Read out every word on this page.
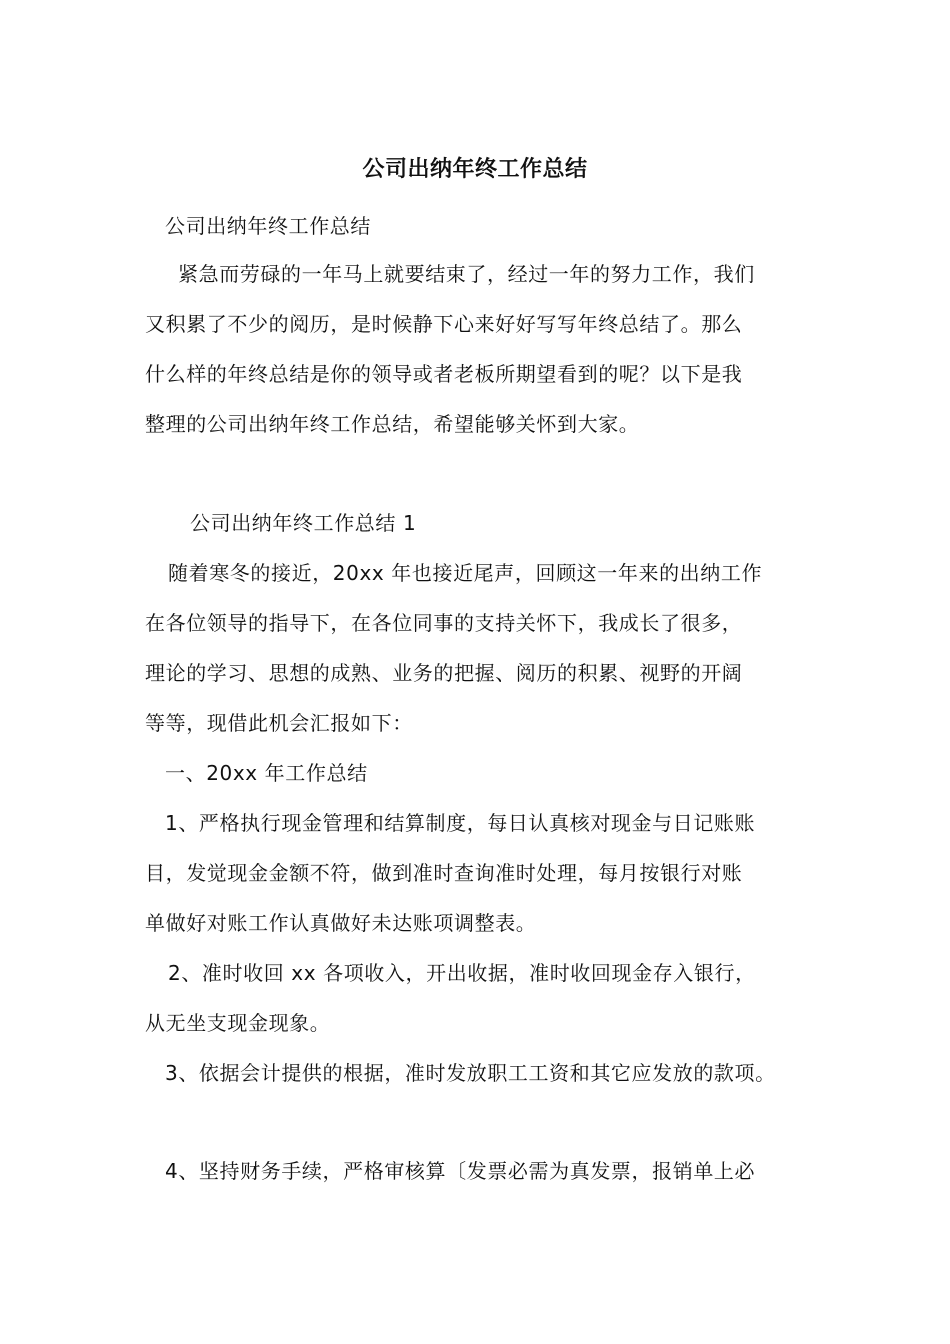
公司出纳年终工作总结
公司出纳年终工作总结
紧急而劳碌的一年马上就要结束了，经过一年的努力工作，我们
又积累了不少的阅历，是时候静下心来好好写写年终总结了。那么
什么样的年终总结是你的领导或者老板所期望看到的呢？以下是我
整理的公司出纳年终工作总结，希望能够关怀到大家。
公司出纳年终工作总结 1
随着寒冬的接近，20xx 年也接近尾声，回顾这一年来的出纳工作
在各位领导的指导下，在各位同事的支持关怀下，我成长了很多，
理论的学习、思想的成熟、业务的把握、阅历的积累、视野的开阔
等等，现借此机会汇报如下：
一、20xx 年工作总结
1、严格执行现金管理和结算制度，每日认真核对现金与日记账账
目，发觉现金金额不符，做到准时查询准时处理，每月按银行对账
单做好对账工作认真做好未达账项调整表。
2、准时收回 xx 各项收入，开出收据，准时收回现金存入银行，
从无坐支现金现象。
3、依据会计提供的根据，准时发放职工工资和其它应发放的款项。
4、坚持财务手续，严格审核算〔发票必需为真发票，报销单上必
